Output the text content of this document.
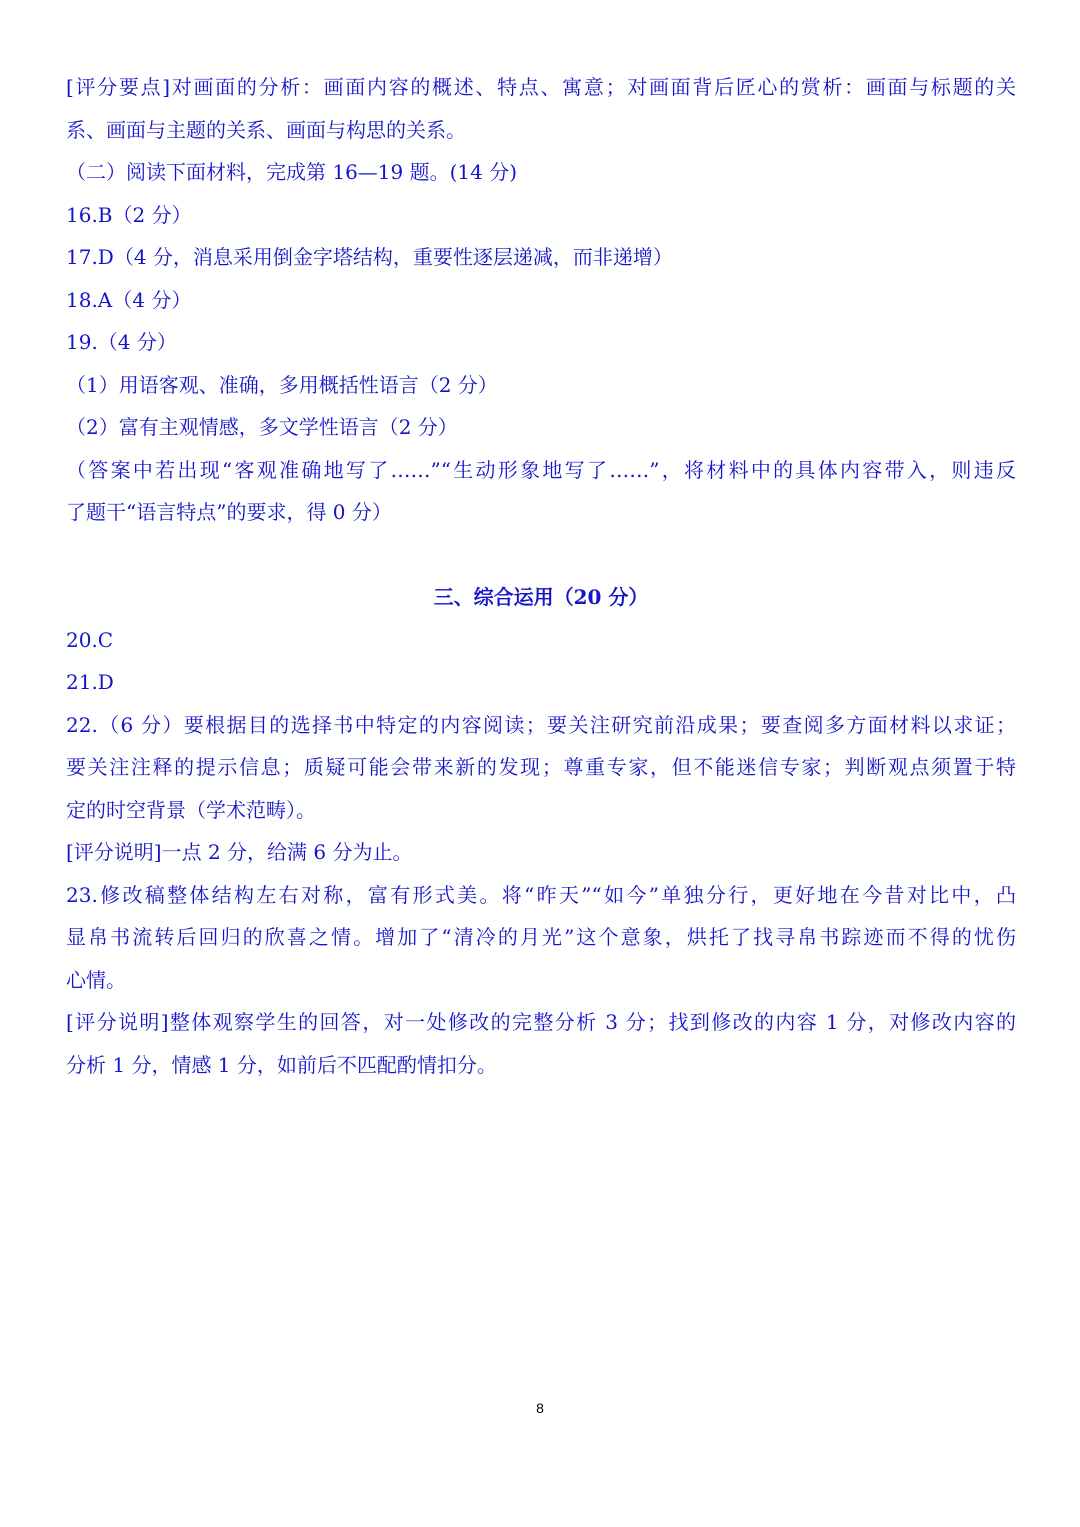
[评分要点]对画面的分析：画面内容的概述、特点、寓意；对画面背后匠心的赏析：画面与标题的关
系、画面与主题的关系、画面与构思的关系。
（二）阅读下面材料，完成第 16—19 题。(14 分)
16.B（2 分）
17.D（4 分，消息采用倒金字塔结构，重要性逐层递减，而非递增）
18.A（4 分）
19.（4 分）
（1）用语客观、准确，多用概括性语言（2 分）
（2）富有主观情感，多文学性语言（2 分）
（答案中若出现“客观准确地写了……”“生动形象地写了……”，将材料中的具体内容带入，则违反
了题干“语言特点”的要求，得 0 分）
三、综合运用（20 分）
20.C
21.D
22.（6 分）要根据目的选择书中特定的内容阅读；要关注研究前沿成果；要查阅多方面材料以求证；
要关注注释的提示信息；质疑可能会带来新的发现；尊重专家，但不能迷信专家；判断观点须置于特
定的时空背景（学术范畴）。
[评分说明]一点 2 分，给满 6 分为止。
23.修改稿整体结构左右对称，富有形式美。将“昨天”“如今”单独分行，更好地在今昔对比中，凸
显帛书流转后回归的欣喜之情。增加了“清冷的月光”这个意象，烘托了找寻帛书踪迹而不得的忧伤
心情。
[评分说明]整体观察学生的回答，对一处修改的完整分析 3 分；找到修改的内容 1 分，对修改内容的
分析 1 分，情感 1 分，如前后不匹配酌情扣分。
8
